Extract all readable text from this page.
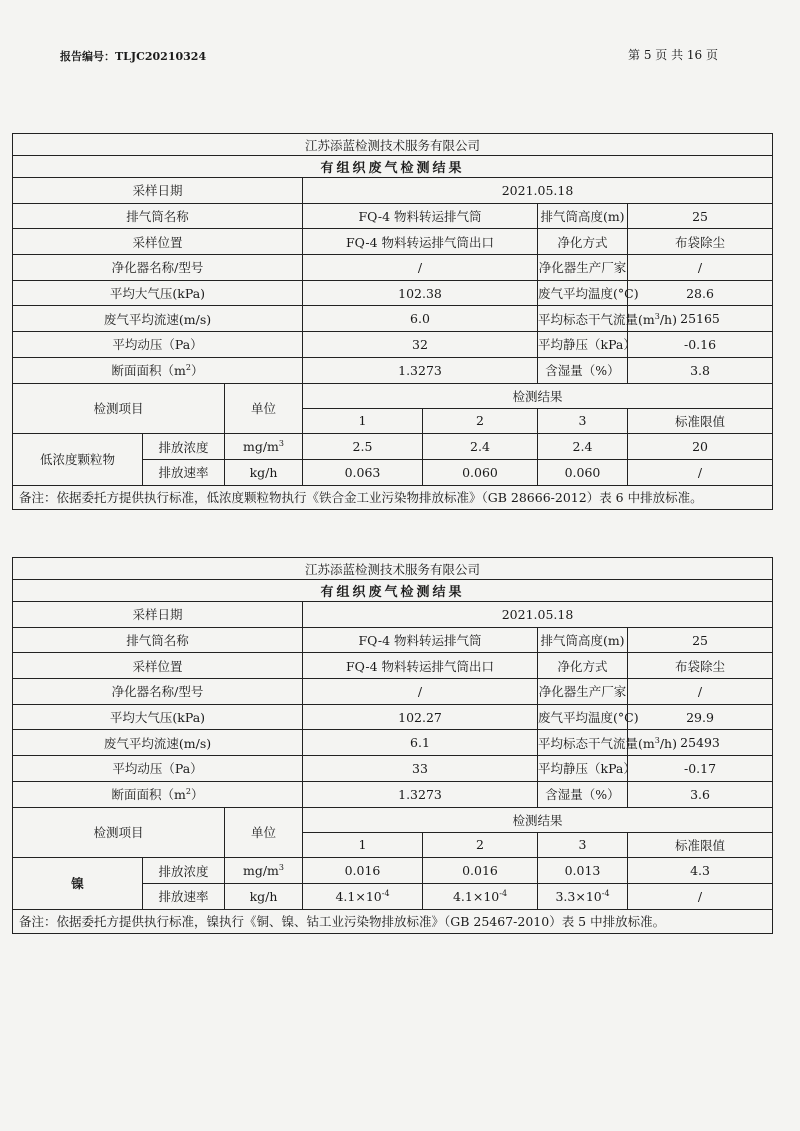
报告编号：TLJC20210324	第 5 页 共 16 页
江苏添蓝检测技术服务有限公司						
有组织废气检测结果						
采样日期			2021.05.18			
排气筒名称			FQ-4 物料转运排气筒		排气筒高度(m)	25
采样位置			FQ-4 物料转运排气筒出口		净化方式	布袋除尘
净化器名称/型号			/		净化器生产厂家	/
平均大气压(kPa)			102.38		废气平均温度(°C)	28.6
废气平均流速(m/s)			6.0		平均标态干气流量$(m^3/h)$	25165
平均动压（Pa）			32		平均静压（kPa）	-0.16
断面面积$(m^2)$			1.3273		含湿量（%）	3.8
检测项目		单位	检测结果			
			1	2	3	标准限值
低浓度颗粒物	排放浓度	$mg/m^3$	2.5	2.4	2.4	20
	排放速率	kg/h	0.063	0.060	0.060	/
备注：依据委托方提供执行标准，低浓度颗粒物执行《铁合金工业污染物排放标准》（GB 28666-2012）表 6 中排放标准。						
江苏添蓝检测技术服务有限公司						
有组织废气检测结果						
采样日期			2021.05.18			
排气筒名称			FQ-4 物料转运排气筒		排气筒高度(m)	25
采样位置			FQ-4 物料转运排气筒出口		净化方式	布袋除尘
净化器名称/型号			/		净化器生产厂家	/
平均大气压(kPa)			102.27		废气平均温度(°C)	29.9
废气平均流速(m/s)			6.1		平均标态干气流量$(m^3/h)$	25493
平均动压（Pa）			33		平均静压（kPa）	-0.17
断面面积$(m^2)$			1.3273		含湿量（%）	3.6
检测项目		单位	检测结果			
			1	2	3	标准限值
镍	排放浓度	$mg/m^3$	0.016	0.016	0.013	4.3
	排放速率	kg/h	$4.1\times 10^{-4}$	$4.1\times 10^{-4}$	$3.3\times 10^{-4}$	/
备注：依据委托方提供执行标准，镍执行《铜、镍、钴工业污染物排放标准》（GB 25467-2010）表 5 中排放标准。						
